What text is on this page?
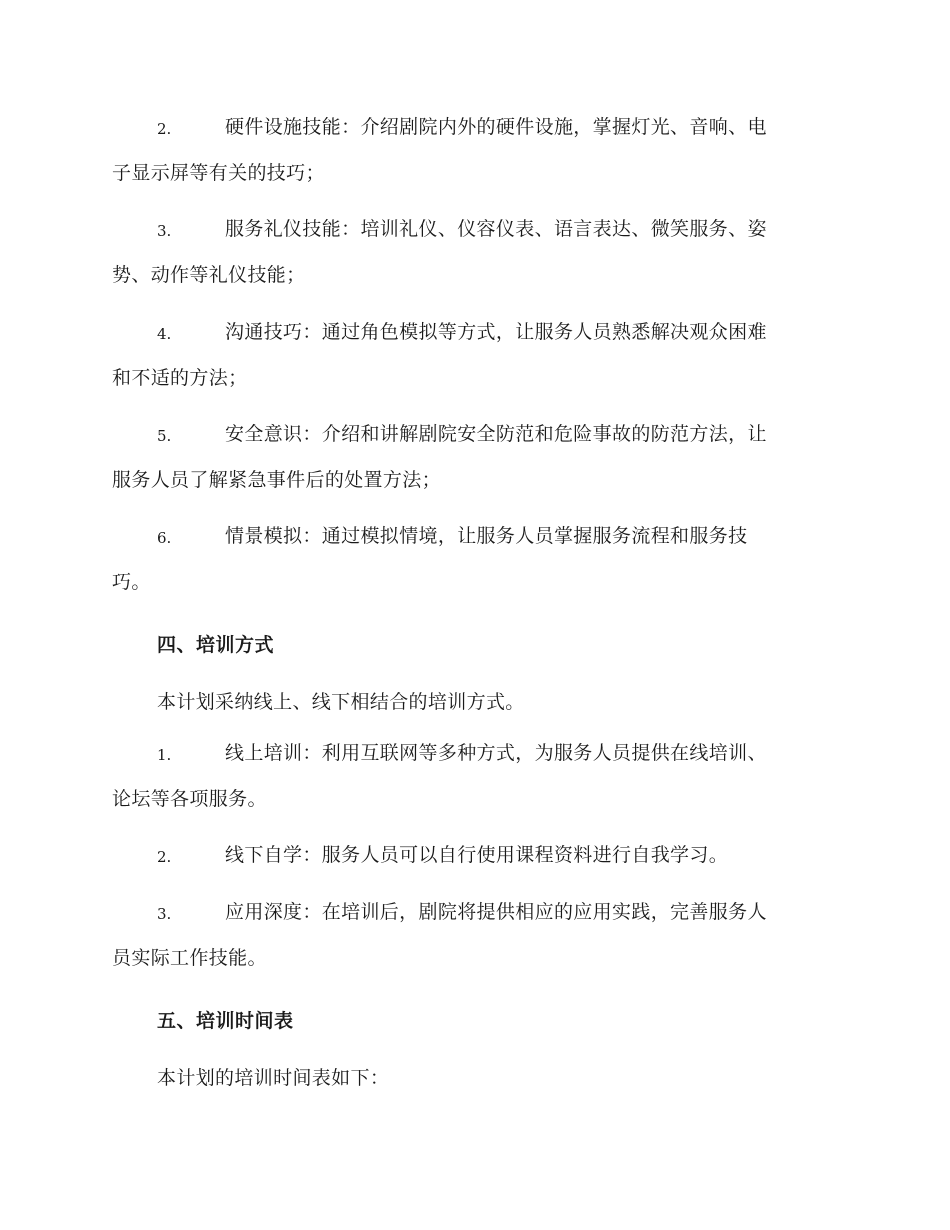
2.	硬件设施技能：介绍剧院内外的硬件设施，掌握灯光、音响、电
子显示屏等有关的技巧；
3.	服务礼仪技能：培训礼仪、仪容仪表、语言表达、微笑服务、姿
势、动作等礼仪技能；
4.	沟通技巧：通过角色模拟等方式，让服务人员熟悉解决观众困难
和不适的方法；
5.	安全意识：介绍和讲解剧院安全防范和危险事故的防范方法，让
服务人员了解紧急事件后的处置方法；
6.	情景模拟：通过模拟情境，让服务人员掌握服务流程和服务技
巧。
四、培训方式
本计划采纳线上、线下相结合的培训方式。
1.	线上培训：利用互联网等多种方式，为服务人员提供在线培训、
论坛等各项服务。
2.	线下自学：服务人员可以自行使用课程资料进行自我学习。
3.	应用深度：在培训后，剧院将提供相应的应用实践，完善服务人
员实际工作技能。
五、培训时间表
本计划的培训时间表如下：
